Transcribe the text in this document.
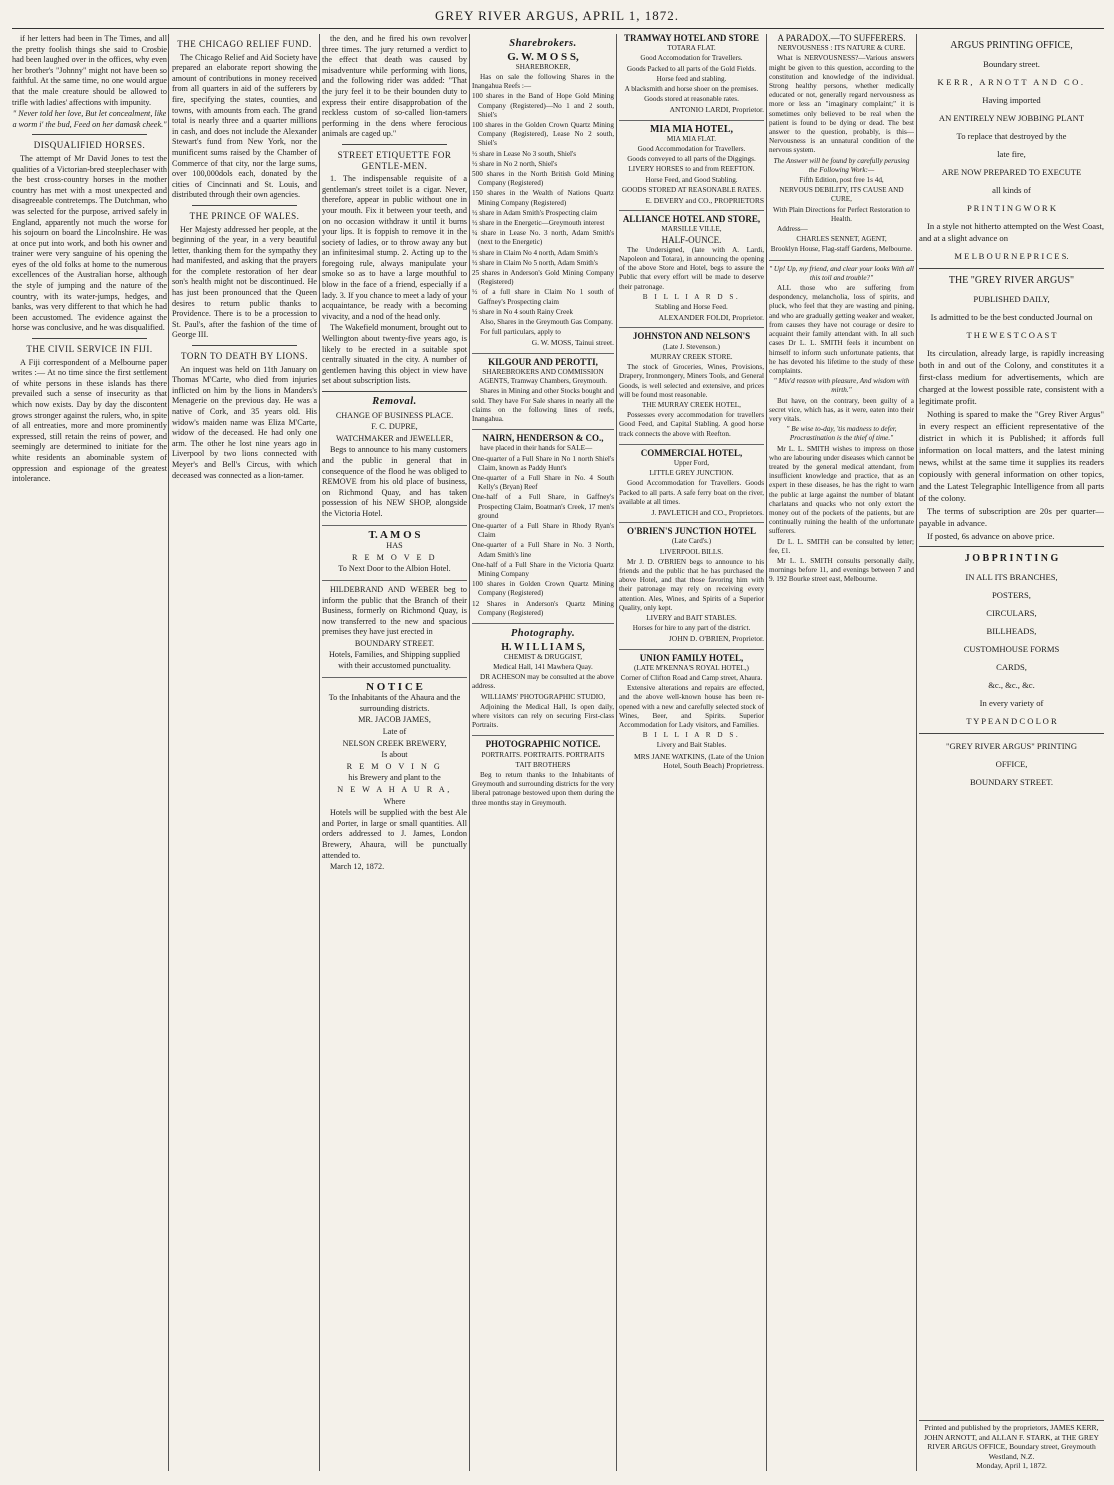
GREY RIVER ARGUS, APRIL 1, 1872.

if her letters had been in The Times, and all the pretty foolish things she said to Crosbie had been laughed over in the offices, why even her brother's "Johnny" might not have been so faithful. At the same time, no one would argue that the male creature should be allowed to trifle with ladies' affections with impunity.

" Never told her love, But let concealment, like a worm i' the bud, Feed on her damask cheek."

DISQUALIFIED HORSES.

The attempt of Mr David Jones to test the qualities of a Victorian-bred steeplechaser with the best cross-country horses in the mother country has met with a most unexpected and disagreeable contretemps. The Dutchman, who was selected for the purpose, arrived safely in England, apparently not much the worse for his sojourn on board the Lincolnshire. He was at once put into work, and both his owner and trainer were very sanguine of his opening the eyes of the old folks at home to the numerous excellences of the Australian horse, although the style of jumping and the nature of the country, with its water-jumps, hedges, and banks, was very different to that which he had been accustomed. The evidence against the horse was conclusive, and he was disqualified.

THE CIVIL SERVICE IN FIJI.

A Fiji correspondent of a Melbourne paper writes :— At no time since the first settlement of white persons in these islands has there prevailed such a sense of insecurity as that which now exists. Day by day the discontent grows stronger against the rulers, who, in spite of all entreaties, more and more prominently expressed, still retain the reins of power, and seemingly are determined to initiate for the white residents an abominable system of oppression and espionage of the greatest intolerance.

THE CHICAGO RELIEF FUND.

The Chicago Relief and Aid Society have prepared an elaborate report showing the amount of contributions in money received from all quarters in aid of the sufferers by fire, specifying the states, counties, and towns, with amounts from each. The grand total is nearly three and a quarter millions in cash, and does not include the Alexander Stewart's fund from New York, nor the munificent sums raised by the Chamber of Commerce of that city, nor the large sums, over 100,000dols each, donated by the cities of Cincinnati and St. Louis, and distributed through their own agencies.

THE PRINCE OF WALES.

Her Majesty addressed her people, at the beginning of the year, in a very beautiful letter, thanking them for the sympathy they had manifested, and asking that the prayers for the complete restoration of her dear son's health might not be discontinued. He has just been pronounced that the Queen desires to return public thanks to Providence. There is to be a procession to St. Paul's, after the fashion of the time of George III.

TORN TO DEATH BY LIONS.

An inquest was held on 11th January on Thomas M'Carte, who died from injuries inflicted on him by the lions in Manders's Menagerie on the previous day. He was a native of Cork, and 35 years old. His widow's maiden name was Eliza M'Carte, widow of the deceased. He had only one arm. The other he lost nine years ago in Liverpool by two lions connected with Meyer's and Bell's Circus, with which deceased was connected as a lion-tamer.

the den, and he fired his own revolver three times. The jury returned a verdict to the effect that death was caused by misadventure while performing with lions, and the following rider was added: "That the jury feel it to be their bounden duty to express their entire disapprobation of the reckless custom of so-called lion-tamers performing in the dens where ferocious animals are caged up."

STREET ETIQUETTE FOR GENTLE-MEN.

1. The indispensable requisite of a gentleman's street toilet is a cigar. Never, therefore, appear in public without one in your mouth. Fix it between your teeth, and on no occasion withdraw it until it burns your lips. It is foppish to remove it in the society of ladies, or to throw away any but an infinitesimal stump. 2. Acting up to the foregoing rule, always manipulate your smoke so as to have a large mouthful to blow in the face of a friend, especially if a lady. 3. If you chance to meet a lady of your acquaintance, be ready with a becoming vivacity, and a nod of the head only.

The Wakefield monument, brought out to Wellington about twenty-five years ago, is likely to be erected in a suitable spot centrally situated in the city. A number of gentlemen having this object in view have set about subscription lists.

Removal.

CHANGE OF BUSINESS PLACE.

F. C. DUPRE,

WATCHMAKER and JEWELLER,

Begs to announce to his many customers and the public in general that in consequence of the flood he was obliged to REMOVE from his old place of business, on Richmond Quay, and has taken possession of his NEW SHOP, alongside the Victoria Hotel.

T. A M O S

HAS

R E M O V E D

To Next Door to the Albion Hotel.

HILDEBRAND AND WEBER beg to inform the public that the Branch of their Business, formerly on Richmond Quay, is now transferred to the new and spacious premises they have just erected in

BOUNDARY STREET.

Hotels, Families, and Shipping supplied with their accustomed punctuality.

N O T I C E

To the Inhabitants of the Ahaura and the surrounding districts.

MR. JACOB JAMES,

Late of

NELSON CREEK BREWERY,

Is about

R E M O V I N G

his Brewery and plant to the

N E W A H A U R A,

Where

Hotels will be supplied with the best Ale and Porter, in large or small quantities. All orders addressed to J. James, London Brewery, Ahaura, will be punctually attended to.

March 12, 1872.

Sharebrokers.

G. W. M O S S,

SHAREBROKER,

Has on sale the following Shares in the Inangahua Reefs :—

100 shares in the Band of Hope Gold Mining Company (Registered)—No 1 and 2 south, Shiel's

100 shares in the Golden Crown Quartz Mining Company (Registered), Lease No 2 south, Shiel's

½ share in Lease No 3 south, Shiel's

½ share in No 2 north, Shiel's

500 shares in the North British Gold Mining Company (Registered)

150 shares in the Wealth of Nations Quartz Mining Company (Registered)

½ share in Adam Smith's Prospecting claim

½ share in the Energetic—Greymouth interest

¼ share in Lease No. 3 north, Adam Smith's (next to the Energetic)

½ share in Claim No 4 north, Adam Smith's

½ share in Claim No 5 north, Adam Smith's

25 shares in Anderson's Gold Mining Company (Registered)

½ of a full share in Claim No 1 south of Gaffney's Prospecting claim

½ share in No 4 south Rainy Creek

Also, Shares in the Greymouth Gas Company.

For full particulars, apply to

G. W. MOSS, Tainui street.

KILGOUR AND PEROTTI,

SHAREBROKERS AND COMMISSION AGENTS, Tramway Chambers, Greymouth.

Shares in Mining and other Stocks bought and sold. They have For Sale shares in nearly all the claims on the following lines of reefs, Inangahua.

NAIRN, HENDERSON & CO.,

have placed in their hands for SALE—

One-quarter of a Full Share in No 1 north Shiel's Claim, known as Paddy Hunt's

One-quarter of a Full Share in No. 4 South Kelly's (Bryan) Reef

One-half of a Full Share, in Gaffney's Prospecting Claim, Boatman's Creek, 17 men's ground

One-quarter of a Full Share in Rhody Ryan's Claim

One-quarter of a Full Share in No. 3 North, Adam Smith's line

One-half of a Full Share in the Victoria Quartz Mining Company

100 shares in Golden Crown Quartz Mining Company (Registered)

12 Shares in Anderson's Quartz Mining Company (Registered)

Photography.

H. W I L L I A M S,

CHEMIST & DRUGGIST,

Medical Hall, 141 Mawhera Quay.

DR ACHESON may be consulted at the above address.

WILLIAMS' PHOTOGRAPHIC STUDIO,

Adjoining the Medical Hall, Is open daily, where visitors can rely on securing First-class Portraits.

PHOTOGRAPHIC NOTICE.

PORTRAITS. PORTRAITS. PORTRAITS

TAIT BROTHERS

Beg to return thanks to the Inhabitants of Greymouth and surrounding districts for the very liberal patronage bestowed upon them during the three months stay in Greymouth.

TRAMWAY HOTEL AND STORE

TOTARA FLAT.

Good Accomodation for Travellers.

Goods Packed to all parts of the Gold Fields.

Horse feed and stabling.

A blacksmith and horse shoer on the premises.

Goods stored at reasonable rates.

ANTONIO LARDI, Proprietor.

MIA MIA HOTEL,

MIA MIA FLAT.

Good Accommodation for Travellers.

Goods conveyed to all parts of the Diggings.

LIVERY HORSES to and from REEFTON.

Horse Feed, and Good Stabling.

GOODS STORED AT REASONABLE RATES.

E. DEVERY and CO., PROPRIETORS

ALLIANCE HOTEL AND STORE,

MARSILLE VILLE,

HALF-OUNCE.

The Undersigned, (late with A. Lardi, Napoleon and Totara), in announcing the opening of the above Store and Hotel, begs to assure the Public that every effort will be made to deserve their patronage.

B I L L I A R D S.

Stabling and Horse Feed.

ALEXANDER FOLDI, Proprietor.

JOHNSTON AND NELSON'S

(Late J. Stevenson.)

MURRAY CREEK STORE.

The stock of Groceries, Wines, Provisions, Drapery, Ironmongery, Miners Tools, and General Goods, is well selected and extensive, and prices will be found most reasonable.

THE MURRAY CREEK HOTEL,

Possesses every accommodation for travellers Good Feed, and Capital Stabling. A good horse track connects the above with Reefton.

COMMERCIAL HOTEL,

Upper Ford,

LITTLE GREY JUNCTION.

Good Accommodation for Travellers. Goods Packed to all parts. A safe ferry boat on the river, available at all times.

J. PAVLETICH and CO., Proprietors.

O'BRIEN'S JUNCTION HOTEL

(Late Card's.)

LIVERPOOL BILLS.

Mr J. D. O'BRIEN begs to announce to his friends and the public that he has purchased the above Hotel, and that those favoring him with their patronage may rely on receiving every attention. Ales, Wines, and Spirits of a Superior Quality, only kept.

LIVERY and BAIT STABLES.

Horses for hire to any part of the district.

JOHN D. O'BRIEN, Proprietor.

UNION FAMILY HOTEL,

(LATE M'KENNA'S ROYAL HOTEL,)

Corner of Clifton Road and Camp street, Ahaura.

Extensive alterations and repairs are effected, and the above well-known house has been re-opened with a new and carefully selected stock of Wines, Beer, and Spirits. Superior Accommodation for Lady visitors, and Families.

B I L L I A R D S.

Livery and Bait Stables.

MRS JANE WATKINS, (Late of the Union Hotel, South Beach) Proprietress.

A PARADOX.—TO SUFFERERS.

NERVOUSNESS : ITS NATURE & CURE.

What is NERVOUSNESS?—Various answers might be given to this question, according to the constitution and knowledge of the individual. Strong healthy persons, whether medically educated or not, generally regard nervousness as more or less an "imaginary complaint;" it is sometimes only believed to be real when the patient is found to be dying or dead. The best answer to the question, probably, is this—Nervousness is an unnatural condition of the nervous system.

The Answer will be found by carefully perusing the Following Work:—

Fifth Edition, post free 1s 4d,

NERVOUS DEBILITY, ITS CAUSE AND CURE,

With Plain Directions for Perfect Restoration to Health.

Address—

CHARLES SENNET, AGENT,

Brooklyn House, Flag-staff Gardens, Melbourne.

" Up! Up, my friend, and clear your looks With all this toil and trouble?"

ALL those who are suffering from despondency, melancholia, loss of spirits, and pluck, who feel that they are wasting and pining, and who are gradually getting weaker and weaker, from causes they have not courage or desire to acquaint their family attendant with. In all such cases Dr L. L. SMITH feels it incumbent on himself to inform such unfortunate patients, that he has devoted his lifetime to the study of these complaints.

" Mix'd reason with pleasure, And wisdom with mirth."

But have, on the contrary, been guilty of a secret vice, which has, as it were, eaten into their very vitals.

" Be wise to-day, 'tis madness to defer, Procrastination is the thief of time."

Mr L. L. SMITH wishes to impress on those who are labouring under diseases which cannot be treated by the general medical attendant, from insufficient knowledge and practice, that as an expert in these diseases, he has the right to warn the public at large against the number of blatant charlatans and quacks who not only extort the money out of the pockets of the patients, but are continually ruining the health of the unfortunate sufferers.

Dr L. L. SMITH can be consulted by letter; fee, £1.

Mr L. L. SMITH consults personally daily, mornings before 11, and evenings between 7 and 9. 192 Bourke street east, Melbourne.

ARGUS PRINTING OFFICE,

Boundary street.

KERR, ARNOTT AND CO.

Having imported

AN ENTIRELY NEW JOBBING PLANT

To replace that destroyed by the

late fire,

ARE NOW PREPARED TO EXECUTE

all kinds of

P R I N T I N G W O R K

In a style not hitherto attempted on the West Coast, and at a slight advance on

M E L B O U R N E P R I C E S.

THE "GREY RIVER ARGUS"

PUBLISHED DAILY,

Is admitted to be the best conducted Journal on

T H E W E S T C O A S T

Its circulation, already large, is rapidly increasing both in and out of the Colony, and constitutes it a first-class medium for advertisements, which are charged at the lowest possible rate, consistent with a legitimate profit.

Nothing is spared to make the "Grey River Argus" in every respect an efficient representative of the district in which it is Published; it affords full information on local matters, and the latest mining news, whilst at the same time it supplies its readers copiously with general information on other topics, and the Latest Telegraphic Intelligence from all parts of the colony.

The terms of subscription are 20s per quarter—payable in advance.

If posted, 6s advance on above price.

J O B P R I N T I N G

IN ALL ITS BRANCHES,

POSTERS,

CIRCULARS,

BILLHEADS,

CUSTOMHOUSE FORMS

CARDS,

&c., &c., &c.

In every variety of

T Y P E A N D C O L O R

"GREY RIVER ARGUS" PRINTING

OFFICE,

BOUNDARY STREET.

Printed and published by the proprietors, JAMES KERR, JOHN ARNOTT, and ALLAN F. STARK, at THE GREY RIVER ARGUS OFFICE, Boundary street, Greymouth Westland, N.Z.
Monday, April 1, 1872.
